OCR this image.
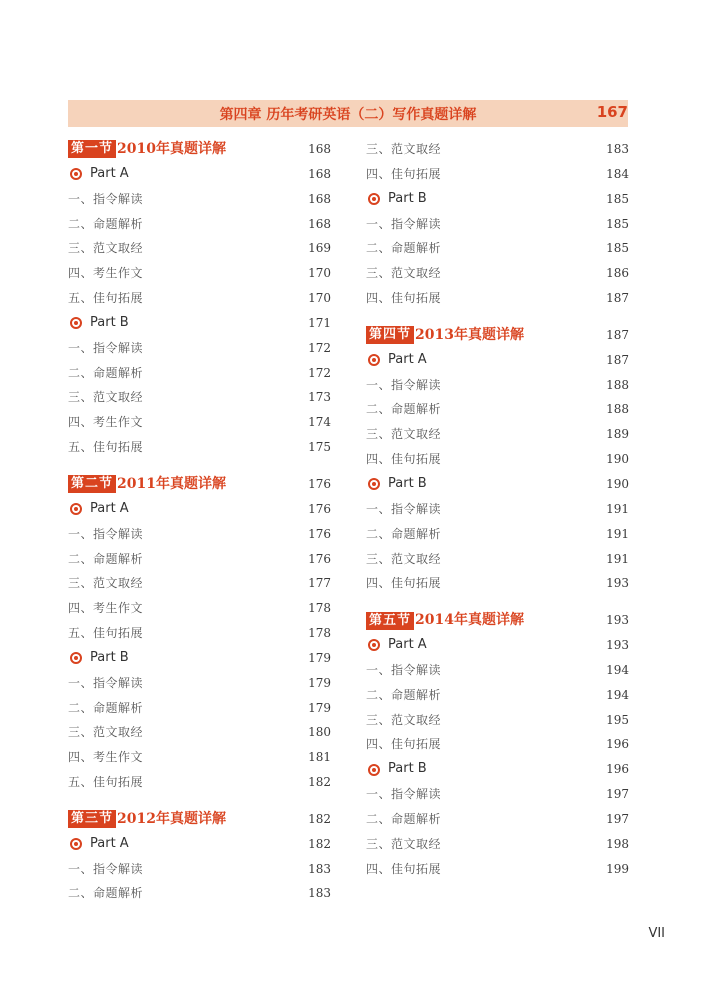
第四章 历年考研英语（二）写作真题详解	167
第一节 2010年真题详解	168
Part A	168
一、指令解读	168
二、命题解析	168
三、范文取经	169
四、考生作文	170
五、佳句拓展	170
Part B	171
一、指令解读	172
二、命题解析	172
三、范文取经	173
四、考生作文	174
五、佳句拓展	175
第二节 2011年真题详解	176
Part A	176
一、指令解读	176
二、命题解析	176
三、范文取经	177
四、考生作文	178
五、佳句拓展	178
Part B	179
一、指令解读	179
二、命题解析	179
三、范文取经	180
四、考生作文	181
五、佳句拓展	182
第三节 2012年真题详解	182
Part A	182
一、指令解读	183
二、命题解析	183
三、范文取经	183
四、佳句拓展	184
Part B	185
一、指令解读	185
二、命题解析	185
三、范文取经	186
四、佳句拓展	187
第四节 2013年真题详解	187
Part A	187
一、指令解读	188
二、命题解析	188
三、范文取经	189
四、佳句拓展	190
Part B	190
一、指令解读	191
二、命题解析	191
三、范文取经	191
四、佳句拓展	193
第五节 2014年真题详解	193
Part A	193
一、指令解读	194
二、命题解析	194
三、范文取经	195
四、佳句拓展	196
Part B	196
一、指令解读	197
二、命题解析	197
三、范文取经	198
四、佳句拓展	199
VII
